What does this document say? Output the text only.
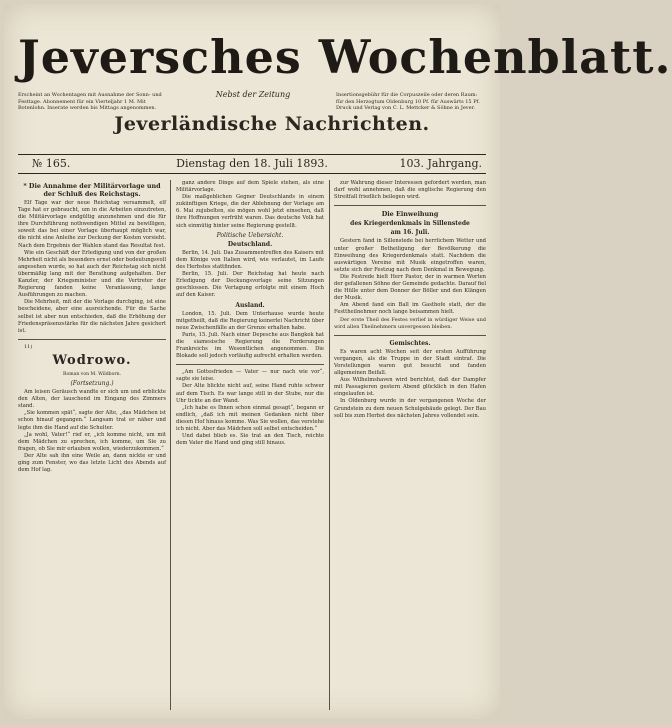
Jeversches Wochenblatt.
Erscheint an Wochentagen mit Ausnahme der Sonn- und Festtage. Abonnement für ein Vierteljahr 1 M. Mit Botenlohn. Inserate werden bis Mittags angenommen.
Nebst der Zeitung	Insertionsgebühr für die Corpuszeile oder deren Raum: für den Herzogtum Oldenburg 10 Pf. für Auswärts 15 Pf. Druck und Verlag von C. L. Mettcker & Söhne in Jever.
Jeverländische Nachrichten.
№ 165.	Dienstag den 18. Juli 1893.	103. Jahrgang.
* Die Annahme der Militärvorlage und der Schluß des Reichstags.

Elf Tage war der neue Reichstag versammelt, elf Tage hat er gebraucht, um in die Arbeiten einzutreten, die Militärvorlage endgültig anzunehmen und die für ihre Durchführung nothwendigen Mittel zu bewilligen, soweit das bei einer Vorlage überhaupt möglich war, die nicht eine Anleihe zur Deckung der Kosten vorsieht. Nach dem Ergebnis der Wahlen stand das Resultat fest.

Wie ein Geschäft der Erledigung und von der großen Mehrheit nicht als besonders ernst oder bedeutungsvoll angesehen wurde, so hat auch der Reichstag sich nicht übermäßig lang mit der Berathung aufgehalten. Der Kanzler, der Kriegsminister und die Vertreter der Regierung fanden keine Veranlassung, lange Ausführungen zu machen.

Die Mehrheit, mit der die Vorlage durchging, ist eine bescheidene, aber eine ausreichende. Für die Sache selbst ist aber nun entschieden, daß die Erhöhung der Friedenspräsenzstärke für die nächsten Jahre gesichert ist.

11)

Wodrowo.
Roman von M. Wildborn.
(Fortsetzung.)

Am leisen Geräusch wandte er sich um und erblickte den Alten, der lauschend im Eingang des Zimmers stand.

„Sie kommen spät“, sagte der Alte, „das Mädchen ist schon hinauf gegangen.“ Langsam trat er näher und legte ihm die Hand auf die Schulter.

„Ja wohl, Vater!“ rief er, „ich komme nicht, um mit dem Mädchen zu sprechen, ich komme, um Sie zu fragen, ob Sie mir erlauben wollen, wiederzukommen.“

Der Alte sah ihn eine Weile an, dann nickte er und ging zum Fenster, wo das letzte Licht des Abends auf dem Hof lag.

ganz andere Dinge auf dem Spiele stehen, als eine Militärvorlage.

Die maßgeblichen Gegner Deutschlands in einem zukünftigen Kriege, die der Ablehnung der Vorlage am 6. Mai zujubelten, sie mögen wohl jetzt einsehen, daß ihre Hoffnungen verfrüht waren. Das deutsche Volk hat sich einmütig hinter seine Regierung gestellt.

Politische Uebersicht.
Deutschland.

Berlin, 14. Juli. Das Zusammentreffen des Kaisers mit dem Könige von Italien wird, wie verlautet, im Laufe des Herbstes stattfinden.

Berlin, 15. Juli. Der Reichstag hat heute nach Erledigung der Deckungsvorlage seine Sitzungen geschlossen. Die Vertagung erfolgte mit einem Hoch auf den Kaiser.

Ausland.

London, 15. Juli. Dem Unterhause wurde heute mitgetheilt, daß die Regierung keinerlei Nachricht über neue Zwischenfälle an der Grenze erhalten habe.

Paris, 15. Juli. Nach einer Depesche aus Bangkok hat die siamesische Regierung die Forderungen Frankreichs im Wesentlichen angenommen. Die Blokade soll jedoch vorläufig aufrecht erhalten werden.

„Am Gottesfrieden — Vater — nur nach wie vor“, sagte sie leise.

Der Alte blickte nicht auf, seine Hand ruhte schwer auf dem Tisch. Es war lange still in der Stube, nur die Uhr tickte an der Wand.

„Ich habe es Ihnen schon einmal gesagt“, begann er endlich, „daß ich mit meinen Gedanken nicht über diesen Hof hinaus komme. Was Sie wollen, das verstehe ich nicht. Aber das Mädchen soll selbst entscheiden.“

Und dabei blieb es. Sie trat an den Tisch, reichte dem Vater die Hand und ging still hinaus.

zur Wahrung dieser Interessen gefordert werden, man darf wohl annehmen, daß die englische Regierung den Streitfall friedlich beilegen wird.

Die Einweihung
des Kriegerdenkmals in Sillenstede
am 16. Juli.

Gestern fand in Sillenstede bei herrlichem Wetter und unter großer Betheiligung der Bevölkerung die Einweihung des Kriegerdenkmals statt. Nachdem die auswärtigen Vereine mit Musik eingetroffen waren, setzte sich der Festzug nach dem Denkmal in Bewegung.

Die Festrede hielt Herr Pastor, der in warmen Worten der gefallenen Söhne der Gemeinde gedachte. Darauf fiel die Hülle unter dem Donner der Böller und den Klängen der Musik.

Am Abend fand ein Ball im Gasthofe statt, der die Festtheilnehmer noch lange beisammen hielt.

Der erste Theil des Festes verlief in würdiger Weise und wird allen Theilnehmern unvergessen bleiben.

Gemischtes.

Es waren acht Wochen seit der ersten Aufführung vergangen, als die Truppe in der Stadt eintraf. Die Vorstellungen waren gut besucht und fanden allgemeinen Beifall.

Aus Wilhelmshaven wird berichtet, daß der Dampfer mit Passagieren gestern Abend glücklich in den Hafen eingelaufen ist.

In Oldenburg wurde in der vergangenen Woche der Grundstein zu dem neuen Schulgebäude gelegt. Der Bau soll bis zum Herbst des nächsten Jahres vollendet sein.
